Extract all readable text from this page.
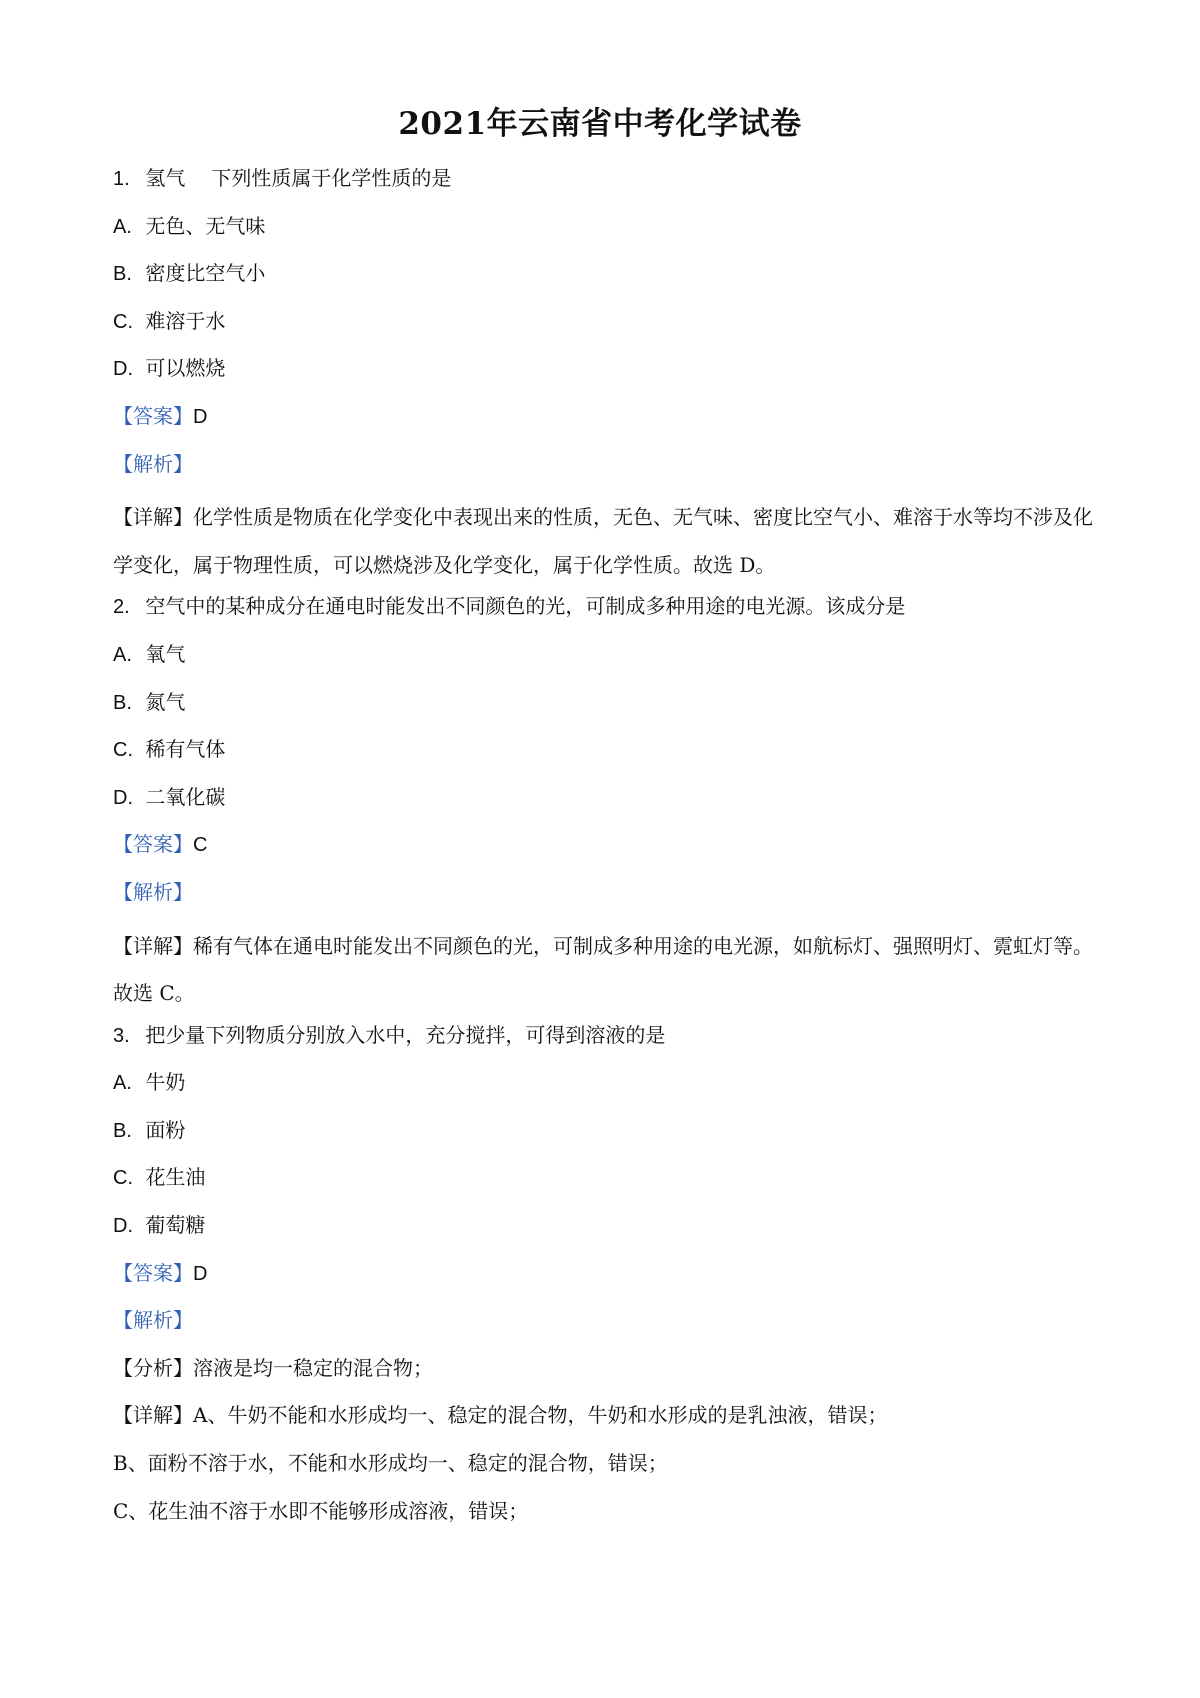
2021年云南省中考化学试卷
1. 氢气 下列性质属于化学性质的是
A. 无色、无气味
B. 密度比空气小
C. 难溶于水
D. 可以燃烧
【答案】D
【解析】
【详解】化学性质是物质在化学变化中表现出来的性质，无色、无气味、密度比空气小、难溶于水等均不涉及化学变化，属于物理性质，可以燃烧涉及化学变化，属于化学性质。故选 D。
2. 空气中的某种成分在通电时能发出不同颜色的光，可制成多种用途的电光源。该成分是
A. 氧气
B. 氮气
C. 稀有气体
D. 二氧化碳
【答案】C
【解析】
【详解】稀有气体在通电时能发出不同颜色的光，可制成多种用途的电光源，如航标灯、强照明灯、霓虹灯等。故选 C。
3. 把少量下列物质分别放入水中，充分搅拌，可得到溶液的是
A. 牛奶
B. 面粉
C. 花生油
D. 葡萄糖
【答案】D
【解析】
【分析】溶液是均一稳定的混合物；
【详解】A、牛奶不能和水形成均一、稳定的混合物，牛奶和水形成的是乳浊液，错误；
B、面粉不溶于水，不能和水形成均一、稳定的混合物，错误；
C、花生油不溶于水即不能够形成溶液，错误；
